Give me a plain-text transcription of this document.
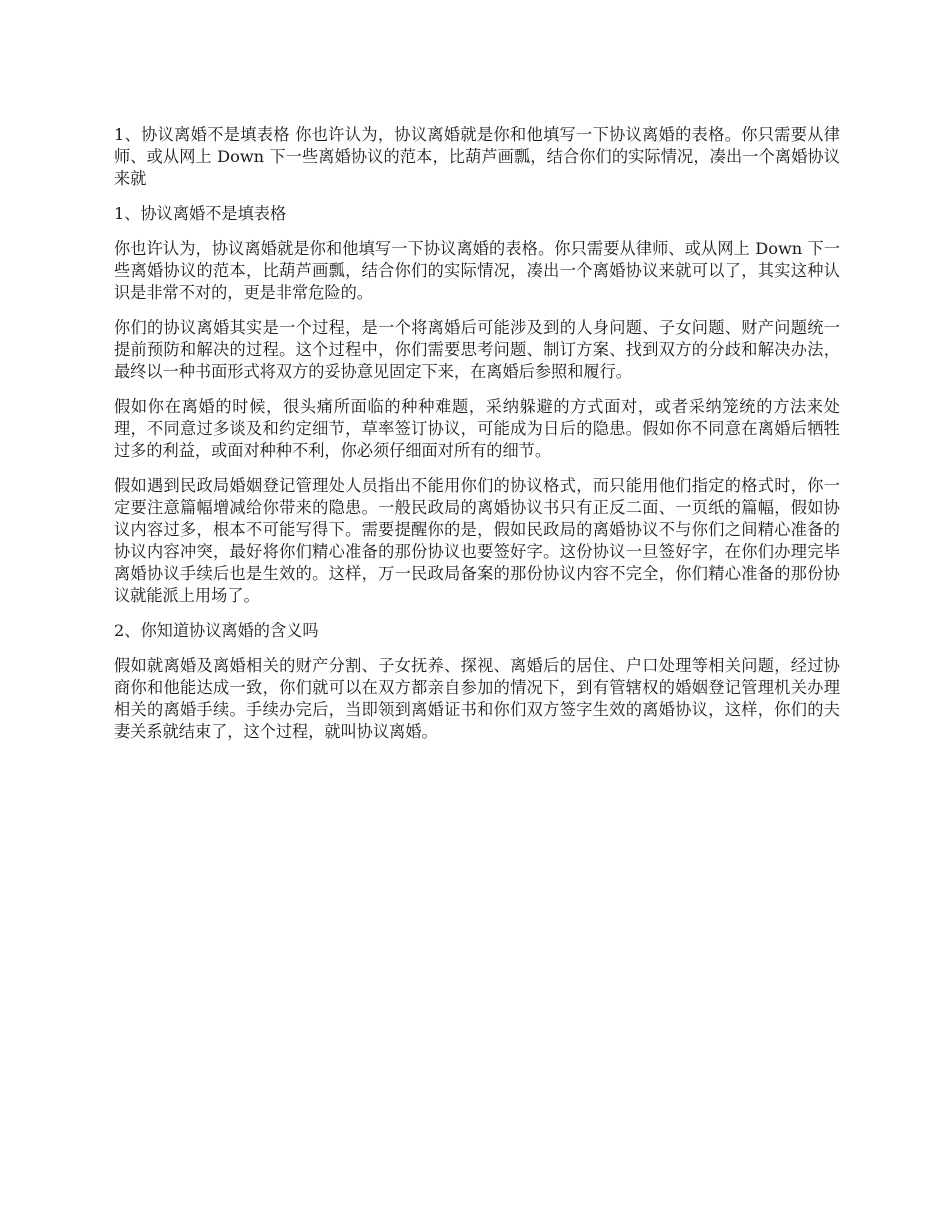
1、协议离婚不是填表格 你也许认为，协议离婚就是你和他填写一下协议离婚的表格。你只需要从律师、或从网上 Down 下一些离婚协议的范本，比葫芦画瓢，结合你们的实际情况，凑出一个离婚协议来就

1、协议离婚不是填表格

你也许认为，协议离婚就是你和他填写一下协议离婚的表格。你只需要从律师、或从网上 Down 下一些离婚协议的范本，比葫芦画瓢，结合你们的实际情况，凑出一个离婚协议来就可以了，其实这种认识是非常不对的，更是非常危险的。

你们的协议离婚其实是一个过程，是一个将离婚后可能涉及到的人身问题、子女问题、财产问题统一提前预防和解决的过程。这个过程中，你们需要思考问题、制订方案、找到双方的分歧和解决办法，最终以一种书面形式将双方的妥协意见固定下来，在离婚后参照和履行。

假如你在离婚的时候，很头痛所面临的种种难题，采纳躲避的方式面对，或者采纳笼统的方法来处理，不同意过多谈及和约定细节，草率签订协议，可能成为日后的隐患。假如你不同意在离婚后牺牲过多的利益，或面对种种不利，你必须仔细面对所有的细节。

假如遇到民政局婚姻登记管理处人员指出不能用你们的协议格式，而只能用他们指定的格式时，你一定要注意篇幅增减给你带来的隐患。一般民政局的离婚协议书只有正反二面、一页纸的篇幅，假如协议内容过多，根本不可能写得下。需要提醒你的是，假如民政局的离婚协议不与你们之间精心准备的协议内容冲突，最好将你们精心准备的那份协议也要签好字。这份协议一旦签好字，在你们办理完毕离婚协议手续后也是生效的。这样，万一民政局备案的那份协议内容不完全，你们精心准备的那份协议就能派上用场了。

2、你知道协议离婚的含义吗

假如就离婚及离婚相关的财产分割、子女抚养、探视、离婚后的居住、户口处理等相关问题，经过协商你和他能达成一致，你们就可以在双方都亲自参加的情况下，到有管辖权的婚姻登记管理机关办理相关的离婚手续。手续办完后，当即领到离婚证书和你们双方签字生效的离婚协议，这样，你们的夫妻关系就结束了，这个过程，就叫协议离婚。
